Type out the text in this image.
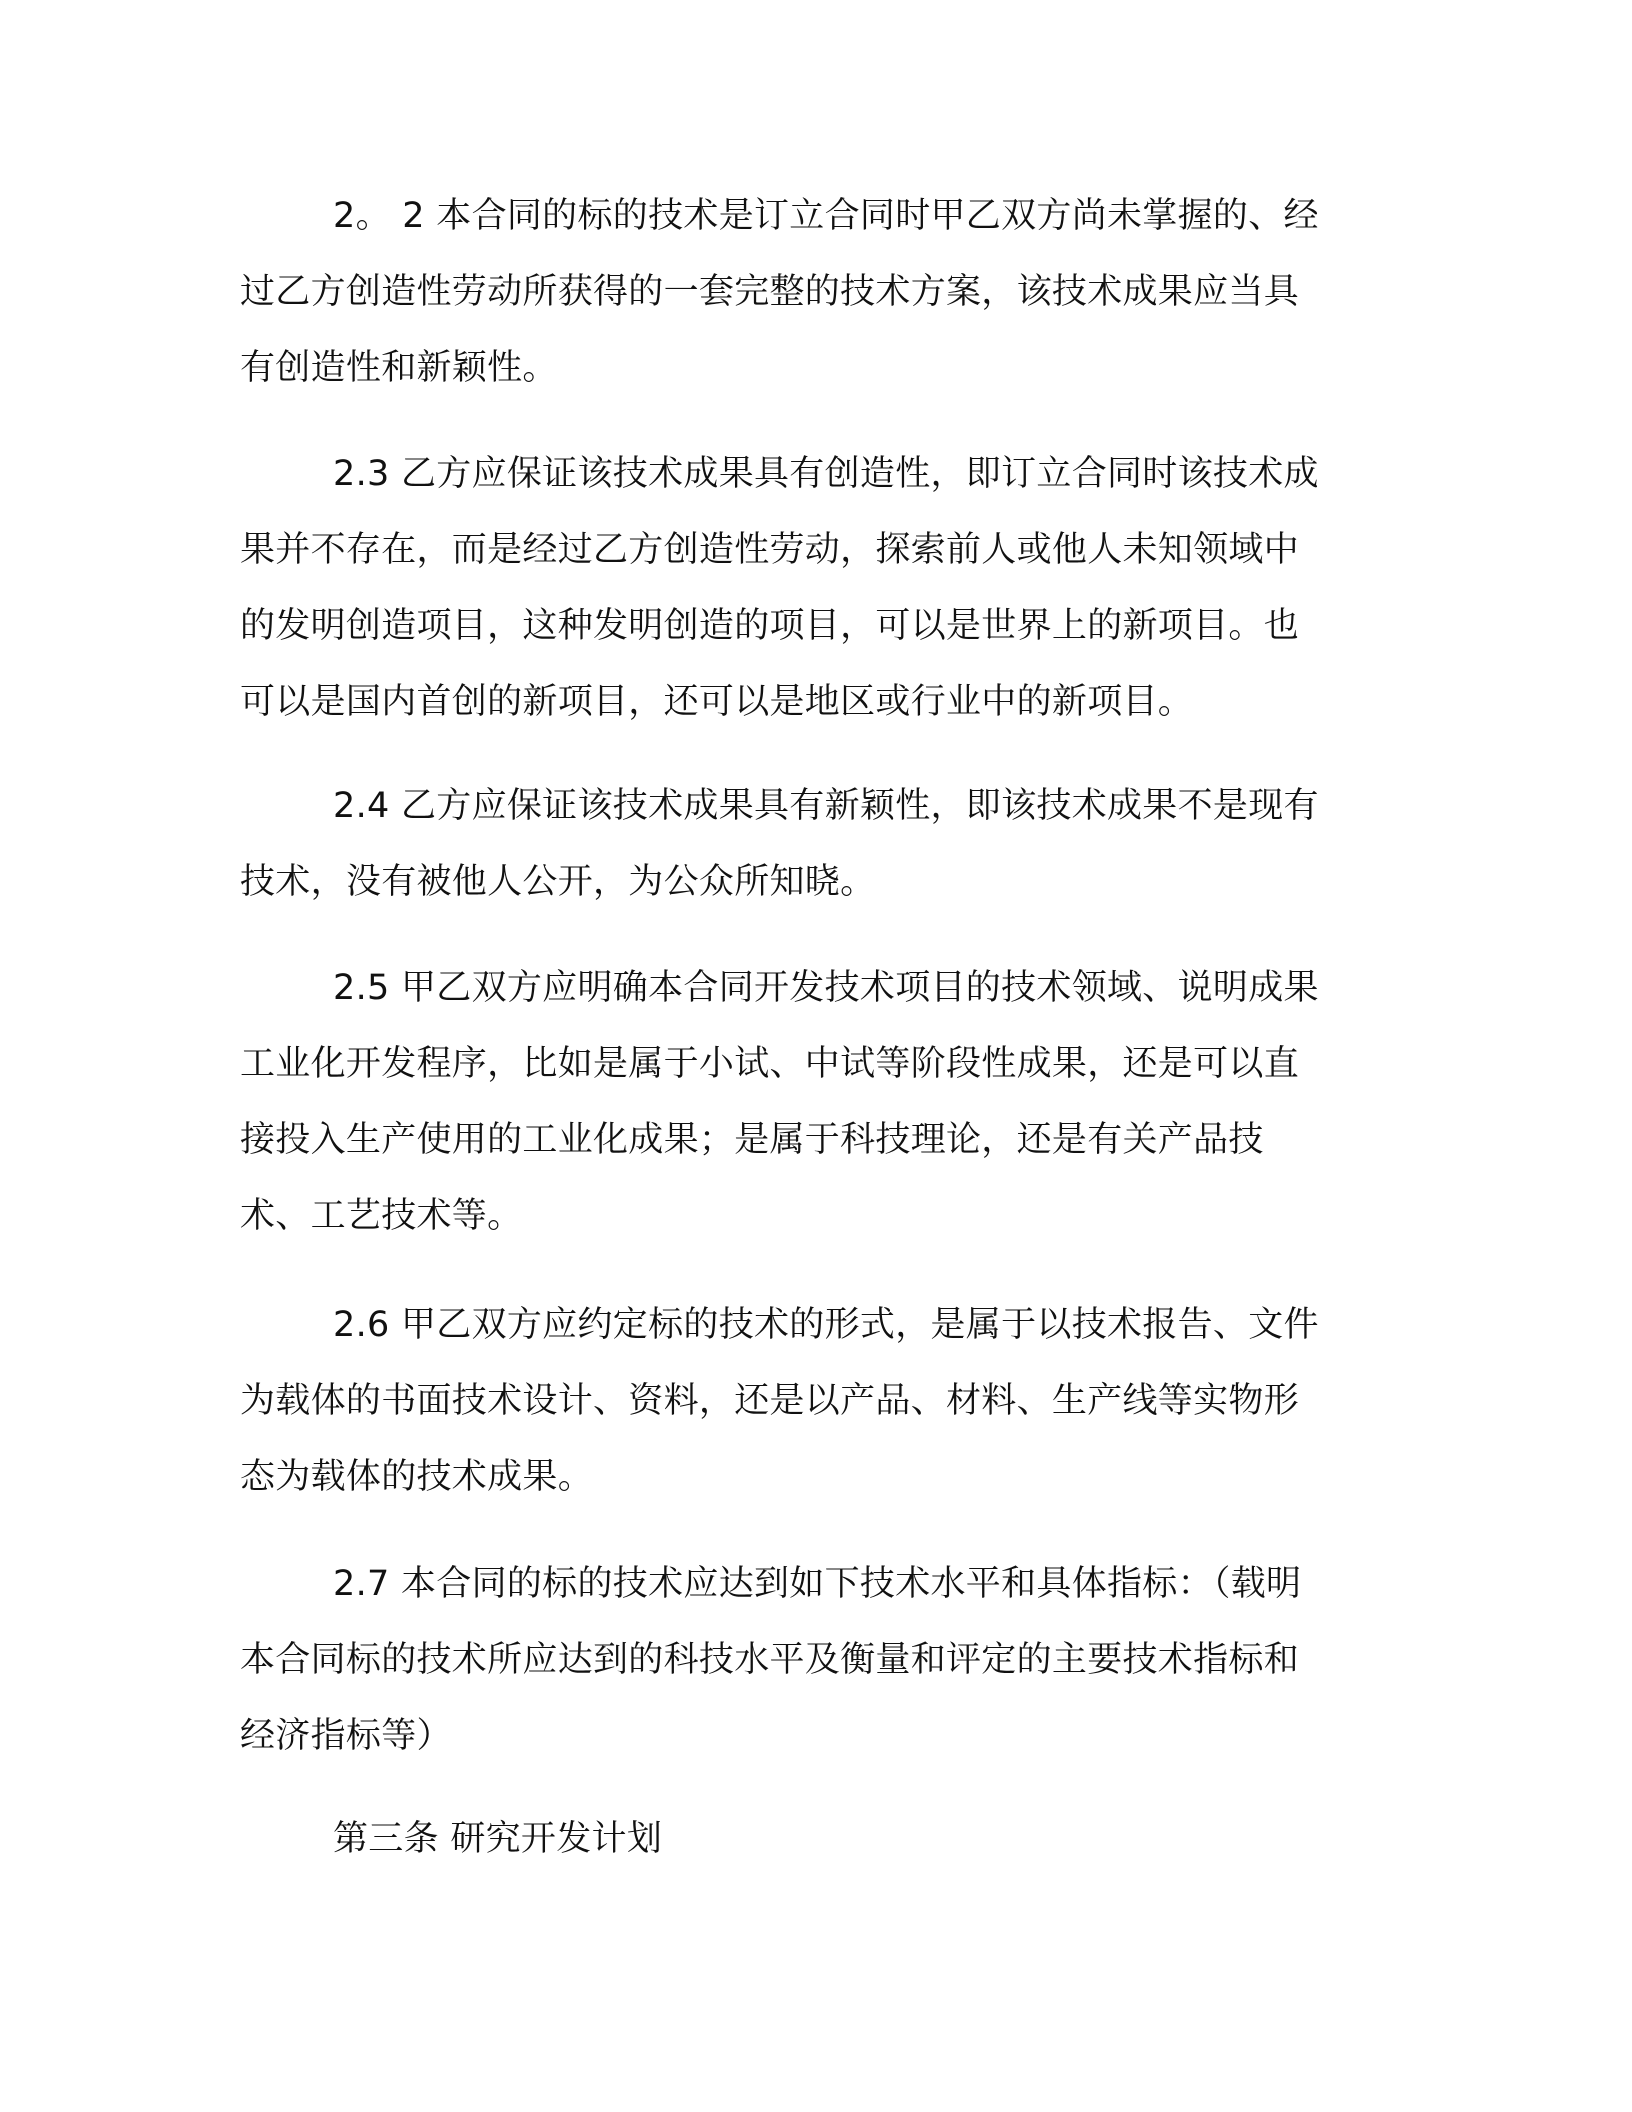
2。 2 本合同的标的技术是订立合同时甲乙双方尚未掌握的、经
过乙方创造性劳动所获得的一套完整的技术方案，该技术成果应当具
有创造性和新颖性。
2.3 乙方应保证该技术成果具有创造性，即订立合同时该技术成
果并不存在，而是经过乙方创造性劳动，探索前人或他人未知领域中
的发明创造项目，这种发明创造的项目，可以是世界上的新项目。也
可以是国内首创的新项目，还可以是地区或行业中的新项目。
2.4 乙方应保证该技术成果具有新颖性，即该技术成果不是现有
技术，没有被他人公开，为公众所知晓。
2.5 甲乙双方应明确本合同开发技术项目的技术领域、说明成果
工业化开发程序，比如是属于小试、中试等阶段性成果，还是可以直
接投入生产使用的工业化成果；是属于科技理论，还是有关产品技
术、工艺技术等。
2.6 甲乙双方应约定标的技术的形式，是属于以技术报告、文件
为载体的书面技术设计、资料，还是以产品、材料、生产线等实物形
态为载体的技术成果。
2.7 本合同的标的技术应达到如下技术水平和具体指标：（载明
本合同标的技术所应达到的科技水平及衡量和评定的主要技术指标和
经济指标等）
第三条 研究开发计划
